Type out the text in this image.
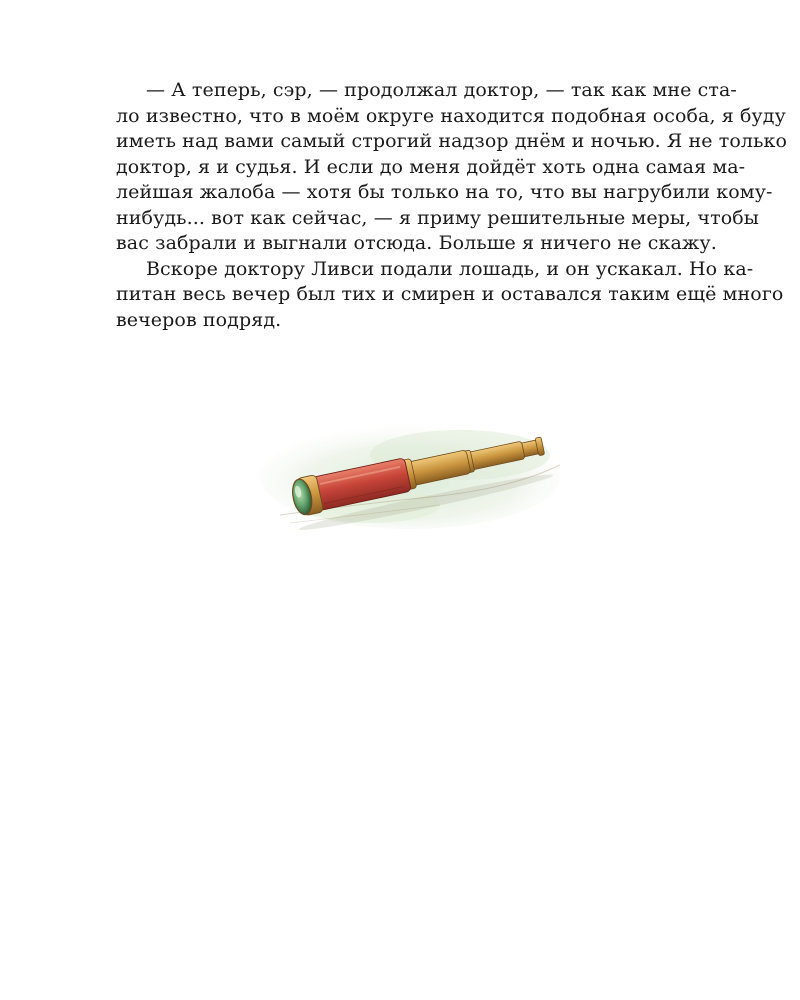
— А теперь, сэр, — продолжал доктор, — так как мне ста-
ло известно, что в моём округе находится подобная особа, я буду
иметь над вами самый строгий надзор днём и ночью. Я не только
доктор, я и судья. И если до меня дойдёт хоть одна самая ма-
лейшая жалоба — хотя бы только на то, что вы нагрубили кому-
нибудь... вот как сейчас, — я приму решительные меры, чтобы
вас забрали и выгнали отсюда. Больше я ничего не скажу.
Вскоре доктору Ливси подали лошадь, и он ускакал. Но ка-
питан весь вечер был тих и смирен и оставался таким ещё много
вечеров подряд.
